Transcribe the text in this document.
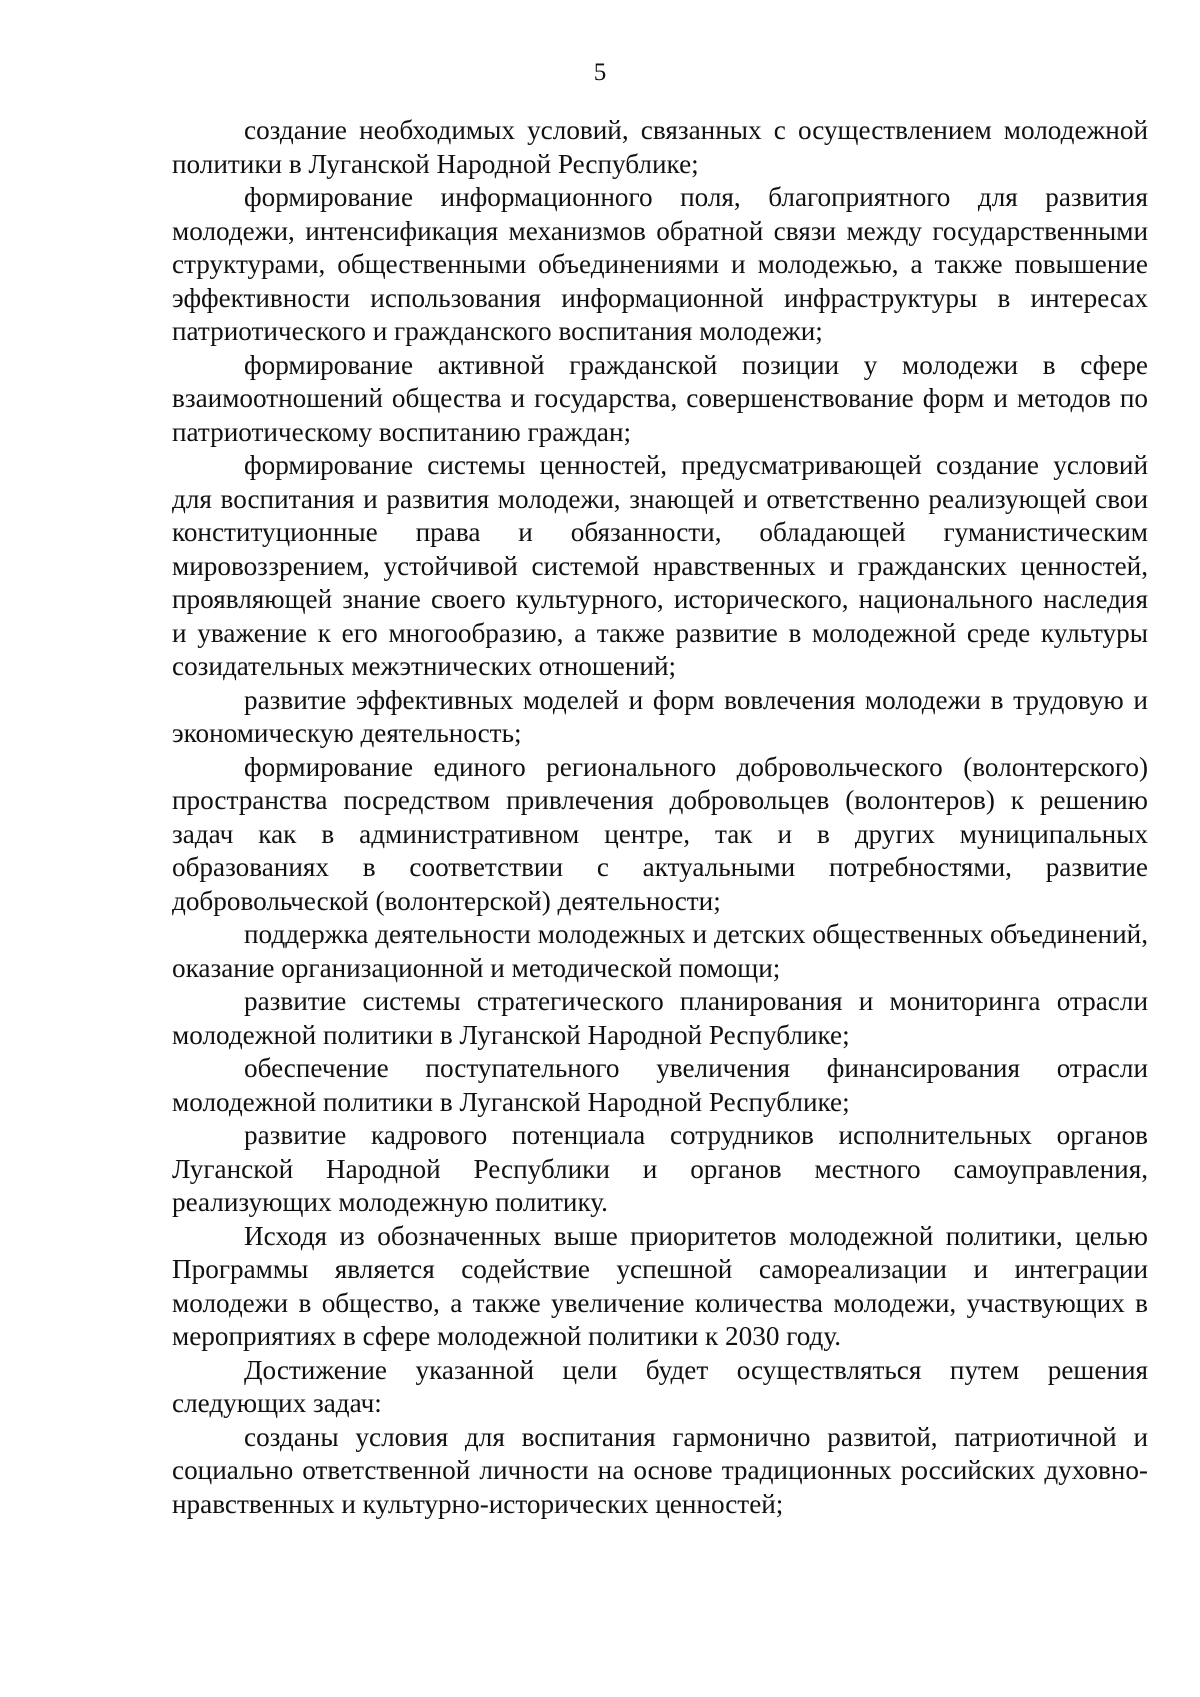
5

создание необходимых условий, связанных с осуществлением молодежной политики в Луганской Народной Республике;

формирование информационного поля, благоприятного для развития молодежи, интенсификация механизмов обратной связи между государственными структурами, общественными объединениями и молодежью, а также повышение эффективности использования информационной инфраструктуры в интересах патриотического и гражданского воспитания молодежи;

формирование активной гражданской позиции у молодежи в сфере взаимоотношений общества и государства, совершенствование форм и методов по патриотическому воспитанию граждан;

формирование системы ценностей, предусматривающей создание условий для воспитания и развития молодежи, знающей и ответственно реализующей свои конституционные права и обязанности, обладающей гуманистическим мировоззрением, устойчивой системой нравственных и гражданских ценностей, проявляющей знание своего культурного, исторического, национального наследия и уважение к его многообразию, а также развитие в молодежной среде культуры созидательных межэтнических отношений;

развитие эффективных моделей и форм вовлечения молодежи в трудовую и экономическую деятельность;

формирование единого регионального добровольческого (волонтерского) пространства посредством привлечения добровольцев (волонтеров) к решению задач как в административном центре, так и в других муниципальных образованиях в соответствии с актуальными потребностями, развитие добровольческой (волонтерской) деятельности;

поддержка деятельности молодежных и детских общественных объединений, оказание организационной и методической помощи;

развитие системы стратегического планирования и мониторинга отрасли молодежной политики в Луганской Народной Республике;

обеспечение поступательного увеличения финансирования отрасли молодежной политики в Луганской Народной Республике;

развитие кадрового потенциала сотрудников исполнительных органов Луганской Народной Республики и органов местного самоуправления, реализующих молодежную политику.

Исходя из обозначенных выше приоритетов молодежной политики, целью Программы является содействие успешной самореализации и интеграции молодежи в общество, а также увеличение количества молодежи, участвующих в мероприятиях в сфере молодежной политики к 2030 году.

Достижение указанной цели будет осуществляться путем решения следующих задач:

созданы условия для воспитания гармонично развитой, патриотичной и социально ответственной личности на основе традиционных российских духовно-нравственных и культурно-исторических ценностей;
